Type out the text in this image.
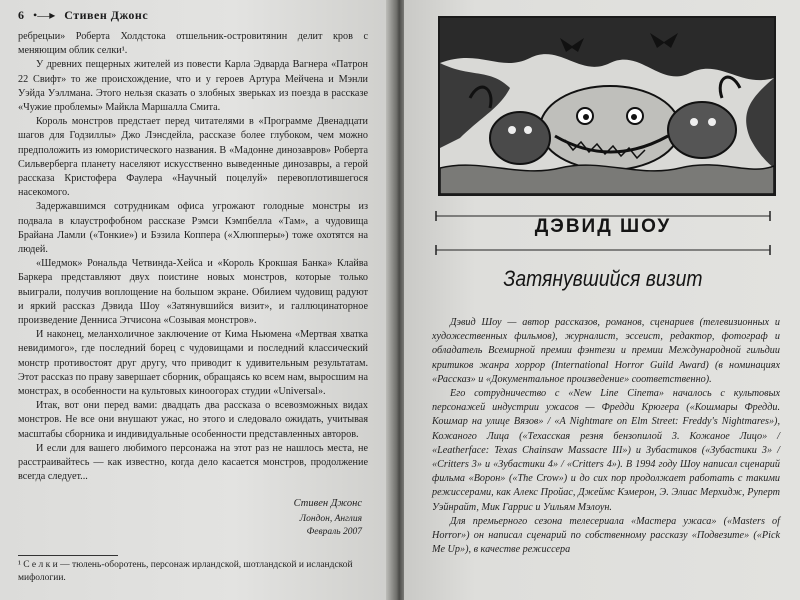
6 •—▸ Стивен Джонс

ребрецыи» Роберта Холдстока отшельник-островитянин делит кров с меняющим облик селки¹.

У древних пещерных жителей из повести Карла Эдварда Вагнера «Патрон 22 Свифт» то же происхождение, что и у героев Артура Мейчена и Мэнли Уэйда Уэллмана. Этого нельзя сказать о злобных зверьках из поезда в рассказе «Чужие проблемы» Майкла Маршалла Смита.

Король монстров предстает перед читателями в «Программе Двенадцати шагов для Годзиллы» Джо Лэнсдейла, рассказе более глубоком, чем можно предположить из юмористического названия. В «Мадонне динозавров» Роберта Сильверберга планету населяют искусственно выведенные динозавры, а герой рассказа Кристофера Фаулера «Научный поцелуй» перевоплотившегося насекомого.

Задержавшимся сотрудникам офиса угрожают голодные монстры из подвала в клаустрофобном рассказе Рэмси Кэмпбелла «Там», а чудовища Брайана Ламли («Тонкие») и Бэзила Коппера («Хлюпперы») тоже охотятся на людей.

«Шедмок» Рональда Четвинда-Хейса и «Король Крокшая Банка» Клайва Баркера представляют двух поистине новых монстров, которые только выиграли, получив воплощение на большом экране. Обилием чудовищ радуют и яркий рассказ Дэвида Шоу «Затянувшийся визит», и галлюцинаторное произведение Денниса Этчисона «Созывая монстров».

И наконец, меланхоличное заключение от Кима Ньюмена «Мертвая хватка невидимого», где последний борец с чудовищами и последний классический монстр противостоят друг другу, что приводит к удивительным результатам. Этот рассказ по праву завершает сборник, обращаясь ко всем нам, выросшим на монстрах, в особенности на культовых киноогорах студии «Universal».

Итак, вот они перед вами: двадцать два рассказа о всевозможных видах монстров. Не все они внушают ужас, но этого и следовало ожидать, учитывая масштабы сборника и индивидуальные особенности представленных авторов.

И если для вашего любимого персонажа на этот раз не нашлось места, не расстраивайтесь — как известно, когда дело касается монстров, продолжение всегда следует...

Стивен Джонс
Лондон, Англия
Февраль 2007
¹ С е л к и — тюлень-оборотень, персонаж ирландской, шотландской и исландской мифологии.
ДЭВИД ШОУ
Затянувшийся визит

Дэвид Шоу — автор рассказов, романов, сценариев (телевизионных и художественных фильмов), журналист, эссеист, редактор, фотограф и обладатель Всемирной премии фэнтези и премии Международной гильдии критиков жанра хоррор (International Horror Guild Award) (в номинациях «Рассказ» и «Документальное произведение» соответственно).

Его сотрудничество с «New Line Cinema» началось с культовых персонажей индустрии ужасов — Фредди Крюгера («Кошмары Фредди. Кошмар на улице Вязов» / «A Nightmare on Elm Street: Freddy's Nightmares»), Кожаного Лица («Техасская резня бензопилой 3. Кожаное Лицо» / «Leatherface: Texas Chainsaw Massacre III») и Зубастиков («Зубастики 3» / «Critters 3» и «Зубастики 4» / «Critters 4»). В 1994 году Шоу написал сценарий фильма «Ворон» («The Crow») и до сих пор продолжает работать с такими режиссерами, как Алекс Пройас, Джеймс Кэмерон, Э. Элиас Мерхидж, Руперт Уэйнрайт, Мик Гаррис и Уильям Мэлоун.

Для премьерного сезона телесериала «Мастера ужаса» («Masters of Horror») он написал сценарий по собственному рассказу «Подвезите» («Pick Me Up»), в качестве режиссера
